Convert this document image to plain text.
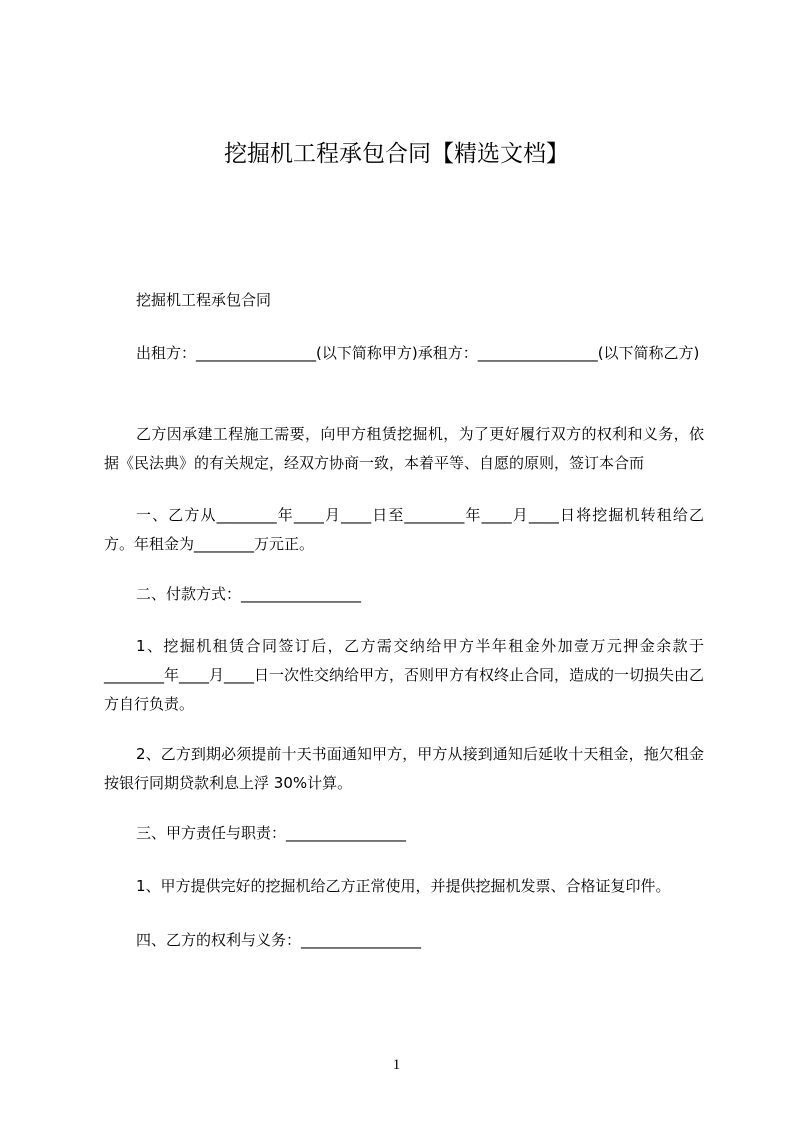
挖掘机工程承包合同【精选文档】

挖掘机工程承包合同

出租方：________________(以下简称甲方)承租方：________________(以下简称乙方)

乙方因承建工程施工需要，向甲方租赁挖掘机，为了更好履行双方的权利和义务，依据《民法典》的有关规定，经双方协商一致，本着平等、自愿的原则，签订本合而

一、乙方从________年____月____日至________年____月____日将挖掘机转租给乙方。年租金为________万元正。

二、付款方式：________________

1、挖掘机租赁合同签订后，乙方需交纳给甲方半年租金外加壹万元押金余款于________年____月____日一次性交纳给甲方，否则甲方有权终止合同，造成的一切损失由乙方自行负责。

2、乙方到期必须提前十天书面通知甲方，甲方从接到通知后延收十天租金，拖欠租金按银行同期贷款利息上浮 30%计算。

三、甲方责任与职责：________________

1、甲方提供完好的挖掘机给乙方正常使用，并提供挖掘机发票、合格证复印件。

四、乙方的权利与义务：________________

1
